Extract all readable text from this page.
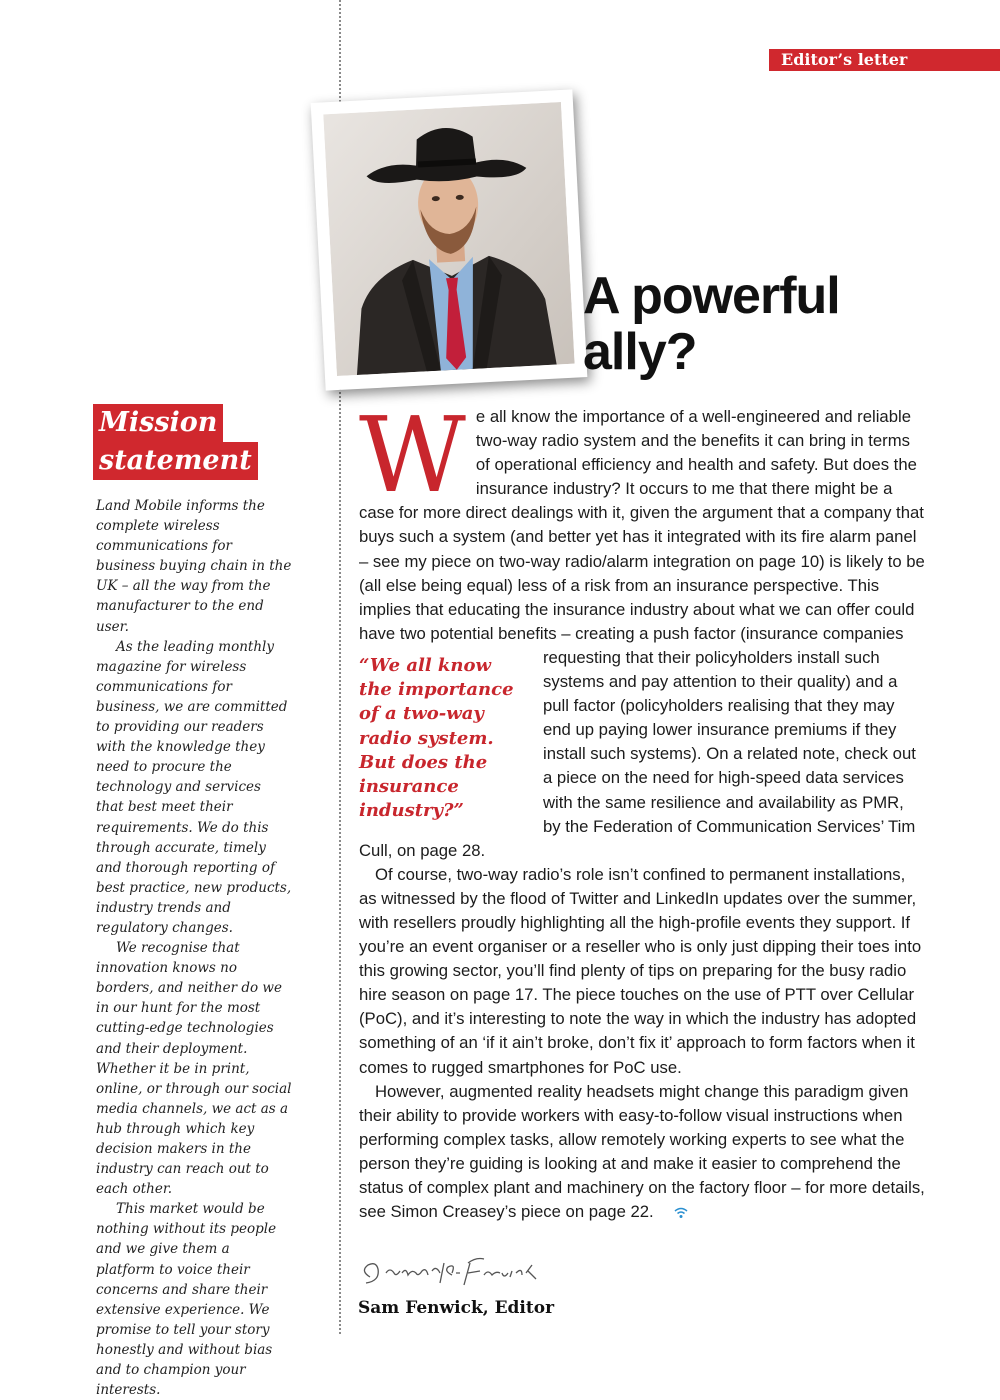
Editor’s letter
A powerful
ally?
Mission
statement

Land Mobile informs the complete wireless communications for business buying chain in the UK – all the way from the manufacturer to the end user.

As the leading monthly magazine for wireless communications for business, we are committed to providing our readers with the knowledge they need to procure the technology and services that best meet their requirements. We do this through accurate, timely and thorough reporting of best practice, new products, industry trends and regulatory changes.

We recognise that innovation knows no borders, and neither do we in our hunt for the most cutting-edge technologies and their deployment. Whether it be in print, online, or through our social media channels, we act as a hub through which key decision makers in the industry can reach out to each other.

This market would be nothing without its people and we give them a platform to voice their concerns and share their extensive experience. We promise to tell your story honestly and without bias and to champion your interests.

We all know the importance of a well-engineered and reliable two-way radio system and the benefits it can bring in terms of operational efficiency and health and safety. But does the insurance industry? It occurs to me that there might be a case for more direct dealings with it, given the argument that a company that buys such a system (and better yet has it integrated with its fire alarm panel – see my piece on two-way radio/alarm integration on page 10) is likely to be (all else being equal) less of a risk from an insurance perspective. This implies that educating the insurance industry about what we can offer could have two potential benefits – creating a push factor (insurance companies requesting that their policyholders install such
“We all know the importance of a two-way radio system. But does the insurance industry?”
systems and pay attention to their quality) and a pull factor (policyholders realising that they may end up paying lower insurance premiums if they install such systems). On a related note, check out a piece on the need for high-speed data services with the same resilience and availability as PMR, by the Federation of Communication Services’ Tim Cull, on page 28.

Of course, two-way radio’s role isn’t confined to permanent installations, as witnessed by the flood of Twitter and LinkedIn updates over the summer, with resellers proudly highlighting all the high-profile events they support. If you’re an event organiser or a reseller who is only just dipping their toes into this growing sector, you’ll find plenty of tips on preparing for the busy radio hire season on page 17. The piece touches on the use of PTT over Cellular (PoC), and it’s interesting to note the way in which the industry has adopted something of an ‘if it ain’t broke, don’t fix it’ approach to form factors when it comes to rugged smartphones for PoC use.

However, augmented reality headsets might change this paradigm given their ability to provide workers with easy-to-follow visual instructions when performing complex tasks, allow remotely working experts to see what the person they’re guiding is looking at and make it easier to comprehend the status of complex plant and machinery on the factory floor – for more details, see Simon Creasey’s piece on page 22.

Sam Fenwick, Editor
